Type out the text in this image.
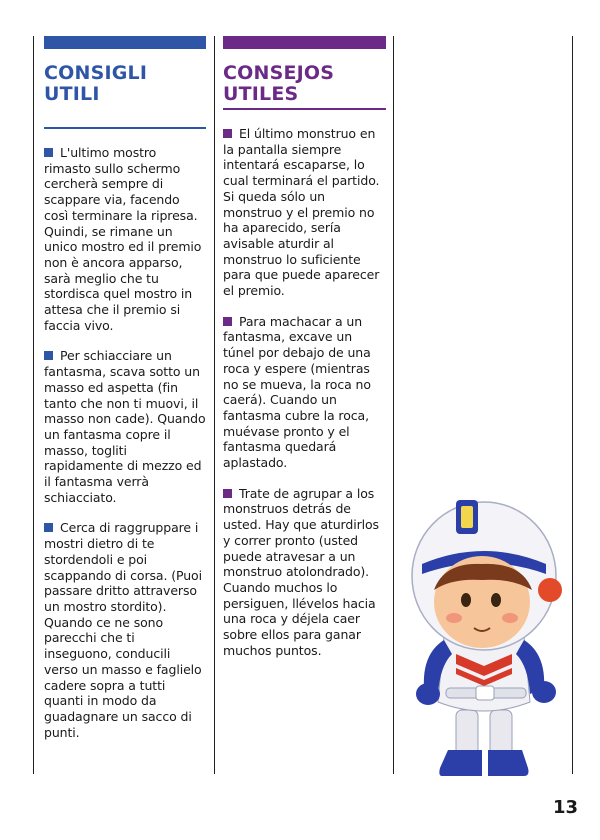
CONSIGLI UTILI

L'ultimo mostro rimasto sullo schermo cercherà sempre di scappare via, facendo così terminare la ripresa. Quindi, se rimane un unico mostro ed il premio non è ancora apparso, sarà meglio che tu stordisca quel mostro in attesa che il premio si faccia vivo.

Per schiacciare un fantasma, scava sotto un masso ed aspetta (fin tanto che non ti muovi, il masso non cade). Quando un fantasma copre il masso, togliti rapidamente di mezzo ed il fantasma verrà schiacciato.

Cerca di raggruppare i mostri dietro di te stordendoli e poi scappando di corsa. (Puoi passare dritto attraverso un mostro stordito). Quando ce ne sono parecchi che ti inseguono, conducili verso un masso e faglielo cadere sopra a tutti quanti in modo da guadagnare un sacco di punti.

CONSEJOS
UTILES

El último monstruo en la pantalla siempre intentará escaparse, lo cual terminará el partido. Si queda sólo un monstruo y el premio no ha aparecido, sería avisable aturdir al monstruo lo suficiente para que puede aparecer el premio.

Para machacar a un fantasma, excave un túnel por debajo de una roca y espere (mientras no se mueva, la roca no caerá). Cuando un fantasma cubre la roca, muévase pronto y el fantasma quedará aplastado.

Trate de agrupar a los monstruos detrás de usted. Hay que aturdirlos y correr pronto (usted puede atravesar a un monstruo atolondrado). Cuando muchos lo persiguen, llévelos hacia una roca y déjela caer sobre ellos para ganar muchos puntos.

13
